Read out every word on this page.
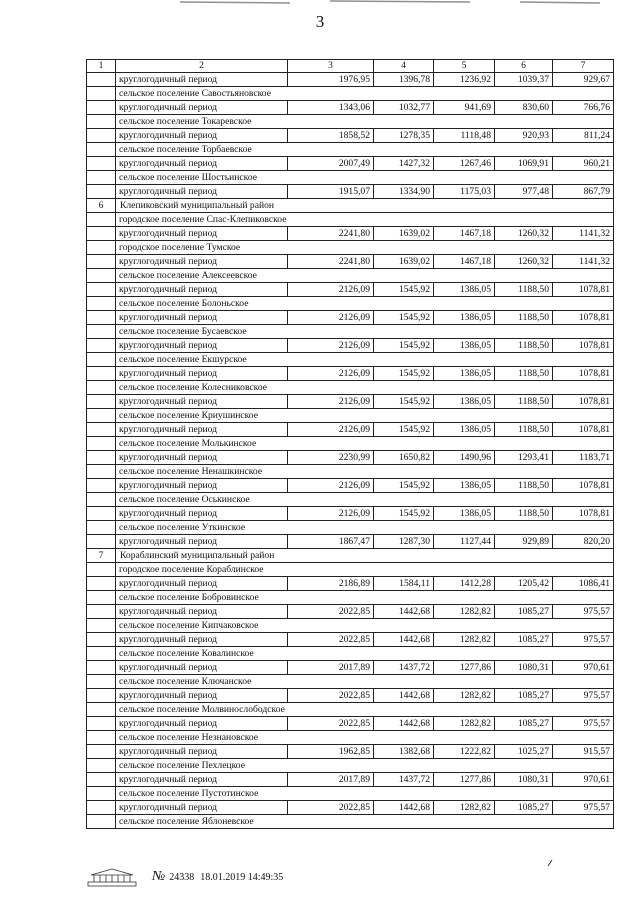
3
1	2	3	4	5	6	7
	круглогодичный период	1976,95	1396,78	1236,92	1039,37	929,67
	сельское поселение Савостьяновское					
	круглогодичный период	1343,06	1032,77	941,69	830,60	766,76
	сельское поселение Токаревское					
	круглогодичный период	1858,52	1278,35	1118,48	920,93	811,24
	сельское поселение Торбаевское					
	круглогодичный период	2007,49	1427,32	1267,46	1069,91	960,21
	сельское поселение Шостьинское					
	круглогодичный период	1915,07	1334,90	1175,03	977,48	867,79
6	Клепиковский муниципальный район					
	городское поселение Спас-Клепиковское					
	круглогодичный период	2241,80	1639,02	1467,18	1260,32	1141,32
	городское поселение Тумское					
	круглогодичный период	2241,80	1639,02	1467,18	1260,32	1141,32
	сельское поселение Алексеевское					
	круглогодичный период	2126,09	1545,92	1386,05	1188,50	1078,81
	сельское поселение Болоньское					
	круглогодичный период	2126,09	1545,92	1386,05	1188,50	1078,81
	сельское поселение Бусаевское					
	круглогодичный период	2126,09	1545,92	1386,05	1188,50	1078,81
	сельское поселение Екшурское					
	круглогодичный период	2126,09	1545,92	1386,05	1188,50	1078,81
	сельское поселение Колесниковское					
	круглогодичный период	2126,09	1545,92	1386,05	1188,50	1078,81
	сельское поселение Криушинское					
	круглогодичный период	2126,09	1545,92	1386,05	1188,50	1078,81
	сельское поселение Молькинское					
	круглогодичный период	2230,99	1650,82	1490,96	1293,41	1183,71
	сельское поселение Ненашкинское					
	круглогодичный период	2126,09	1545,92	1386,05	1188,50	1078,81
	сельское поселение Оськинское					
	круглогодичный период	2126,09	1545,92	1386,05	1188,50	1078,81
	сельское поселение Уткинское					
	круглогодичный период	1867,47	1287,30	1127,44	929,89	820,20
7	Кораблинский муниципальный район					
	городское поселение Кораблинское					
	круглогодичный период	2186,89	1584,11	1412,28	1205,42	1086,41
	сельское поселение Бобровинское					
	круглогодичный период	2022,85	1442,68	1282,82	1085,27	975,57
	сельское поселение Кипчаковское					
	круглогодичный период	2022,85	1442,68	1282,82	1085,27	975,57
	сельское поселение Ковалинское					
	круглогодичный период	2017,89	1437,72	1277,86	1080,31	970,61
	сельское поселение Ключанское					
	круглогодичный период	2022,85	1442,68	1282,82	1085,27	975,57
	сельское поселение Молвинослободское					
	круглогодичный период	2022,85	1442,68	1282,82	1085,27	975,57
	сельское поселение Незнановское					
	круглогодичный период	1962,85	1382,68	1222,82	1025,27	915,57
	сельское поселение Пехлецкое					
	круглогодичный период	2017,89	1437,72	1277,86	1080,31	970,61
	сельское поселение Пустотинское					
	круглогодичный период	2022,85	1442,68	1282,82	1085,27	975,57
	сельское поселение Яблоневское					
№ 24338 18.01.2019 14:49:35
